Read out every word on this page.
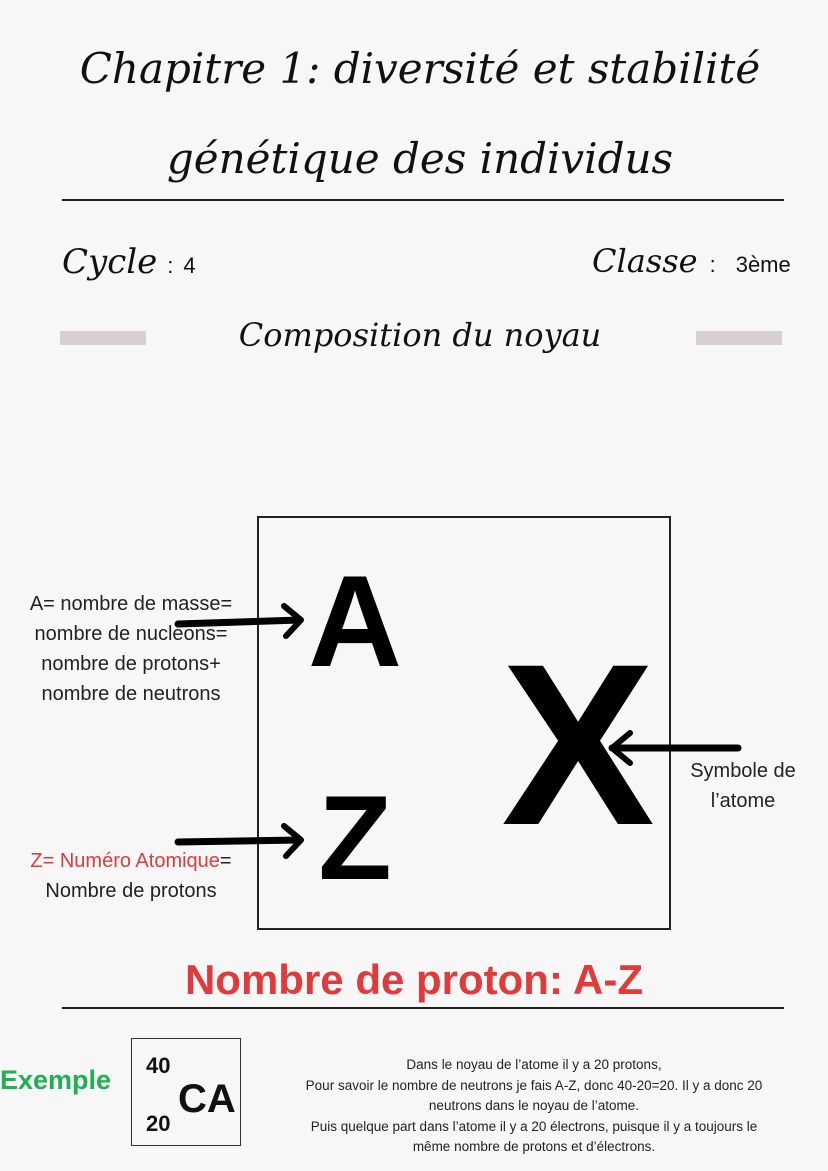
Chapitre 1: diversité et stabilité
génétique des individus
Cycle : 4	Classe : 3ème
Composition du noyau
A
Z X
A= nombre de masse=
nombre de nucléons=
nombre de protons+
nombre de neutrons
Z= Numéro Atomique=
Nombre de protons
Symbole de
l’atome
Nombre de proton: A-Z
Exemple 40
20
CA
Dans le noyau de l’atome il y a 20 protons,
Pour savoir le nombre de neutrons je fais A-Z, donc 40-20=20. Il y a donc 20
neutrons dans le noyau de l’atome.
Puis quelque part dans l’atome il y a 20 électrons, puisque il y a toujours le
même nombre de protons et d’électrons.
